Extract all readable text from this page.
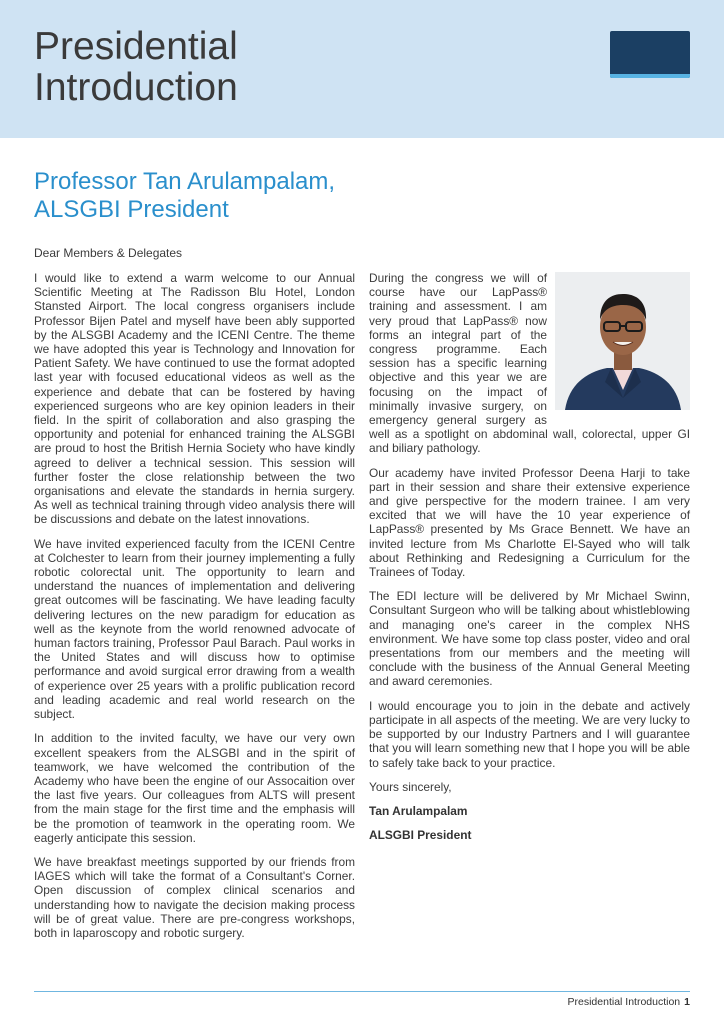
Presidential Introduction
Professor Tan Arulampalam, ALSGBI President

Dear Members & Delegates

I would like to extend a warm welcome to our Annual Scientific Meeting at The Radisson Blu Hotel, London Stansted Airport. The local congress organisers include Professor Bijen Patel and myself have been ably supported by the ALSGBI Academy and the ICENI Centre. The theme we have adopted this year is Technology and Innovation for Patient Safety. We have continued to use the format adopted last year with focused educational videos as well as the experience and debate that can be fostered by having experienced surgeons who are key opinion leaders in their field. In the spirit of collaboration and also grasping the opportunity and potenial for enhanced training the ALSGBI are proud to host the British Hernia Society who have kindly agreed to deliver a technical session. This session will further foster the close relationship between the two organisations and elevate the standards in hernia surgery. As well as technical training through video analysis there will be discussions and debate on the latest innovations.

We have invited experienced faculty from the ICENI Centre at Colchester to learn from their journey implementing a fully robotic colorectal unit. The opportunity to learn and understand the nuances of implementation and delivering great outcomes will be fascinating. We have leading faculty delivering lectures on the new paradigm for education as well as the keynote from the world renowned advocate of human factors training, Professor Paul Barach. Paul works in the United States and will discuss how to optimise performance and avoid surgical error drawing from a wealth of experience over 25 years with a prolific publication record and leading academic and real world research on the subject.

In addition to the invited faculty, we have our very own excellent speakers from the ALSGBI and in the spirit of teamwork, we have welcomed the contribution of the Academy who have been the engine of our Assocaition over the last five years. Our colleagues from ALTS will present from the main stage for the first time and the emphasis will be the promotion of teamwork in the operating room. We eagerly anticipate this session.

We have breakfast meetings supported by our friends from IAGES which will take the format of a Consultant's Corner. Open discussion of complex clinical scenarios and understanding how to navigate the decision making process will be of great value. There are pre-congress workshops, both in laparoscopy and robotic surgery.

During the congress we will of course have our LapPass® training and assessment. I am very proud that LapPass® now forms an integral part of the congress programme. Each session has a specific learning objective and this year we are focusing on the impact of minimally invasive surgery, on emergency general surgery as well as a spotlight on abdominal wall, colorectal, upper GI and biliary pathology.

Our academy have invited Professor Deena Harji to take part in their session and share their extensive experience and give perspective for the modern trainee. I am very excited that we will have the 10 year experience of LapPass® presented by Ms Grace Bennett. We have an invited lecture from Ms Charlotte El-Sayed who will talk about Rethinking and Redesigning a Curriculum for the Trainees of Today.

The EDI lecture will be delivered by Mr Michael Swinn, Consultant Surgeon who will be talking about whistleblowing and managing one's career in the complex NHS environment. We have some top class poster, video and oral presentations from our members and the meeting will conclude with the business of the Annual General Meeting and award ceremonies.

I would encourage you to join in the debate and actively participate in all aspects of the meeting. We are very lucky to be supported by our Industry Partners and I will guarantee that you will learn something new that I hope you will be able to safely take back to your practice.

Yours sincerely,

Tan Arulampalam

ALSGBI President

Presidential Introduction 1
